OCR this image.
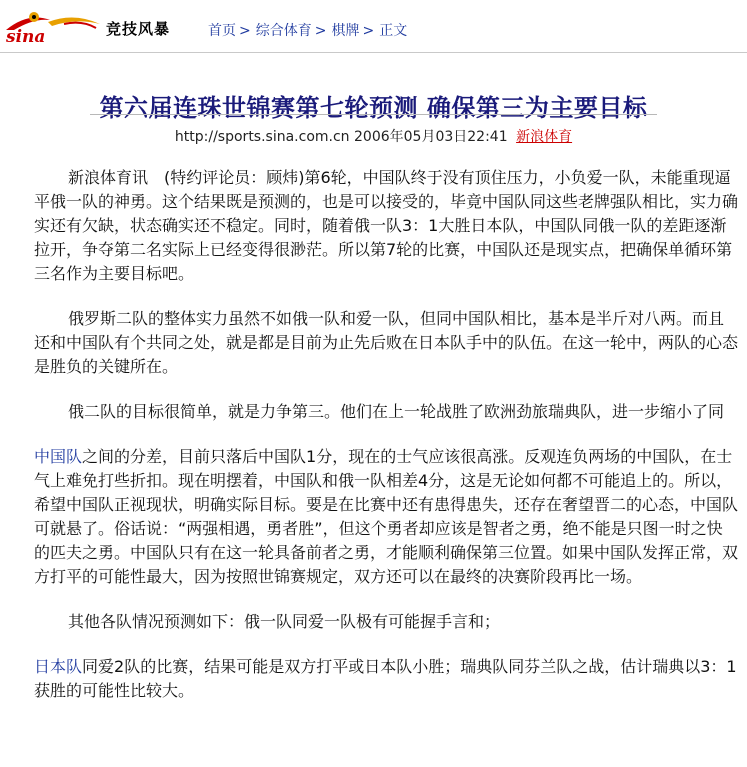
sina	竞技风暴	首页 > 综合体育 > 棋牌 > 正文
第六届连珠世锦赛第七轮预测 确保第三为主要目标
http://sports.sina.com.cn 2006年05月03日22:41 新浪体育

新浪体育讯　(特约评论员：顾炜)第6轮，中国队终于没有顶住压力，小负爱一队，未能重现逼平俄一队的神勇。这个结果既是预测的，也是可以接受的，毕竟中国队同这些老牌强队相比，实力确实还有欠缺，状态确实还不稳定。同时，随着俄一队3：1大胜日本队，中国队同俄一队的差距逐渐拉开，争夺第二名实际上已经变得很渺茫。所以第7轮的比赛，中国队还是现实点，把确保单循环第三名作为主要目标吧。

俄罗斯二队的整体实力虽然不如俄一队和爱一队，但同中国队相比，基本是半斤对八两。而且还和中国队有个共同之处，就是都是目前为止先后败在日本队手中的队伍。在这一轮中，两队的心态是胜负的关键所在。

俄二队的目标很简单，就是力争第三。他们在上一轮战胜了欧洲劲旅瑞典队，进一步缩小了同

中国队之间的分差，目前只落后中国队1分，现在的士气应该很高涨。反观连负两场的中国队，在士气上难免打些折扣。现在明摆着，中国队和俄一队相差4分，这是无论如何都不可能追上的。所以，希望中国队正视现状，明确实际目标。要是在比赛中还有患得患失，还存在奢望晋二的心态，中国队可就悬了。俗话说：“两强相遇，勇者胜”，但这个勇者却应该是智者之勇，绝不能是只图一时之快的匹夫之勇。中国队只有在这一轮具备前者之勇，才能顺利确保第三位置。如果中国队发挥正常，双方打平的可能性最大，因为按照世锦赛规定，双方还可以在最终的决赛阶段再比一场。

其他各队情况预测如下：俄一队同爱一队极有可能握手言和；

日本队同爱2队的比赛，结果可能是双方打平或日本队小胜；瑞典队同芬兰队之战，估计瑞典以3：1获胜的可能性比较大。
